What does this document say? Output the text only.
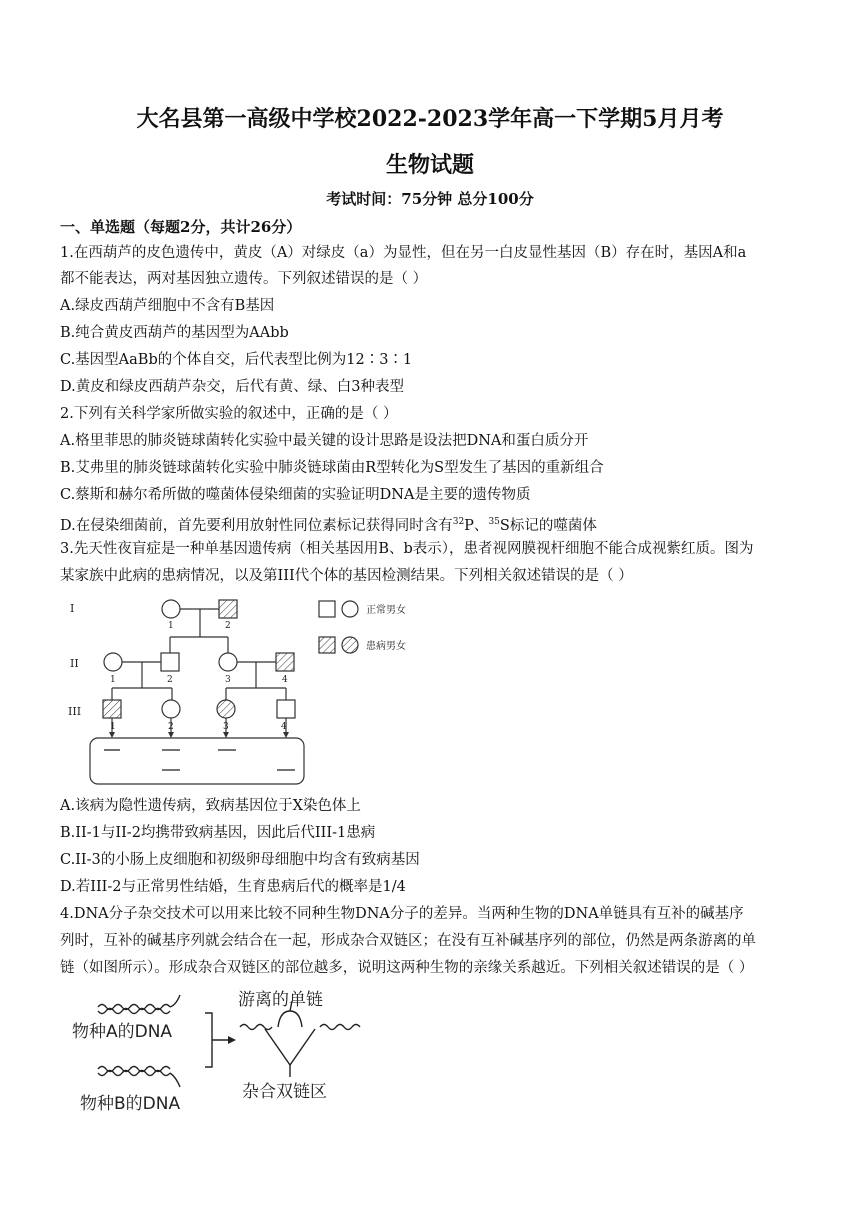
大名县第一高级中学校2022-2023学年高一下学期5月月考
生物试题
考试时间：75分钟 总分100分
一、单选题（每题2分，共计26分）
1.在西葫芦的皮色遗传中，黄皮（A）对绿皮（a）为显性，但在另一白皮显性基因（B）存在时，基因A和a
都不能表达，两对基因独立遗传。下列叙述错误的是（ ）
A.绿皮西葫芦细胞中不含有B基因
B.纯合黄皮西葫芦的基因型为AAbb
C.基因型AaBb的个体自交，后代表型比例为12∶3∶1
D.黄皮和绿皮西葫芦杂交，后代有黄、绿、白3种表型
2.下列有关科学家所做实验的叙述中，正确的是（ ）
A.格里菲思的肺炎链球菌转化实验中最关键的设计思路是设法把DNA和蛋白质分开
B.艾弗里的肺炎链球菌转化实验中肺炎链球菌由R型转化为S型发生了基因的重新组合
C.蔡斯和赫尔希所做的噬菌体侵染细菌的实验证明DNA是主要的遗传物质
D.在侵染细菌前，首先要利用放射性同位素标记获得同时含有$^{32}$P、$^{35}$S标记的噬菌体
3.先天性夜盲症是一种单基因遗传病（相关基因用B、b表示），患者视网膜视杆细胞不能合成视紫红质。图为
某家族中此病的患病情况，以及第III代个体的基因检测结果。下列相关叙述错误的是（ ）
I
II
III
1	2
1	2	3	4
1	2	3	4
正常男女
患病男女
A.该病为隐性遗传病，致病基因位于X染色体上
B.II-1与II-2均携带致病基因，因此后代III-1患病
C.II-3的小肠上皮细胞和初级卵母细胞中均含有致病基因
D.若III-2与正常男性结婚，生育患病后代的概率是1/4
4.DNA分子杂交技术可以用来比较不同种生物DNA分子的差异。当两种生物的DNA单链具有互补的碱基序
列时，互补的碱基序列就会结合在一起，形成杂合双链区；在没有互补碱基序列的部位，仍然是两条游离的单
链（如图所示）。形成杂合双链区的部位越多，说明这两种生物的亲缘关系越近。下列相关叙述错误的是（ ）
物种A的DNA
物种B的DNA
游离的单链
杂合双链区
